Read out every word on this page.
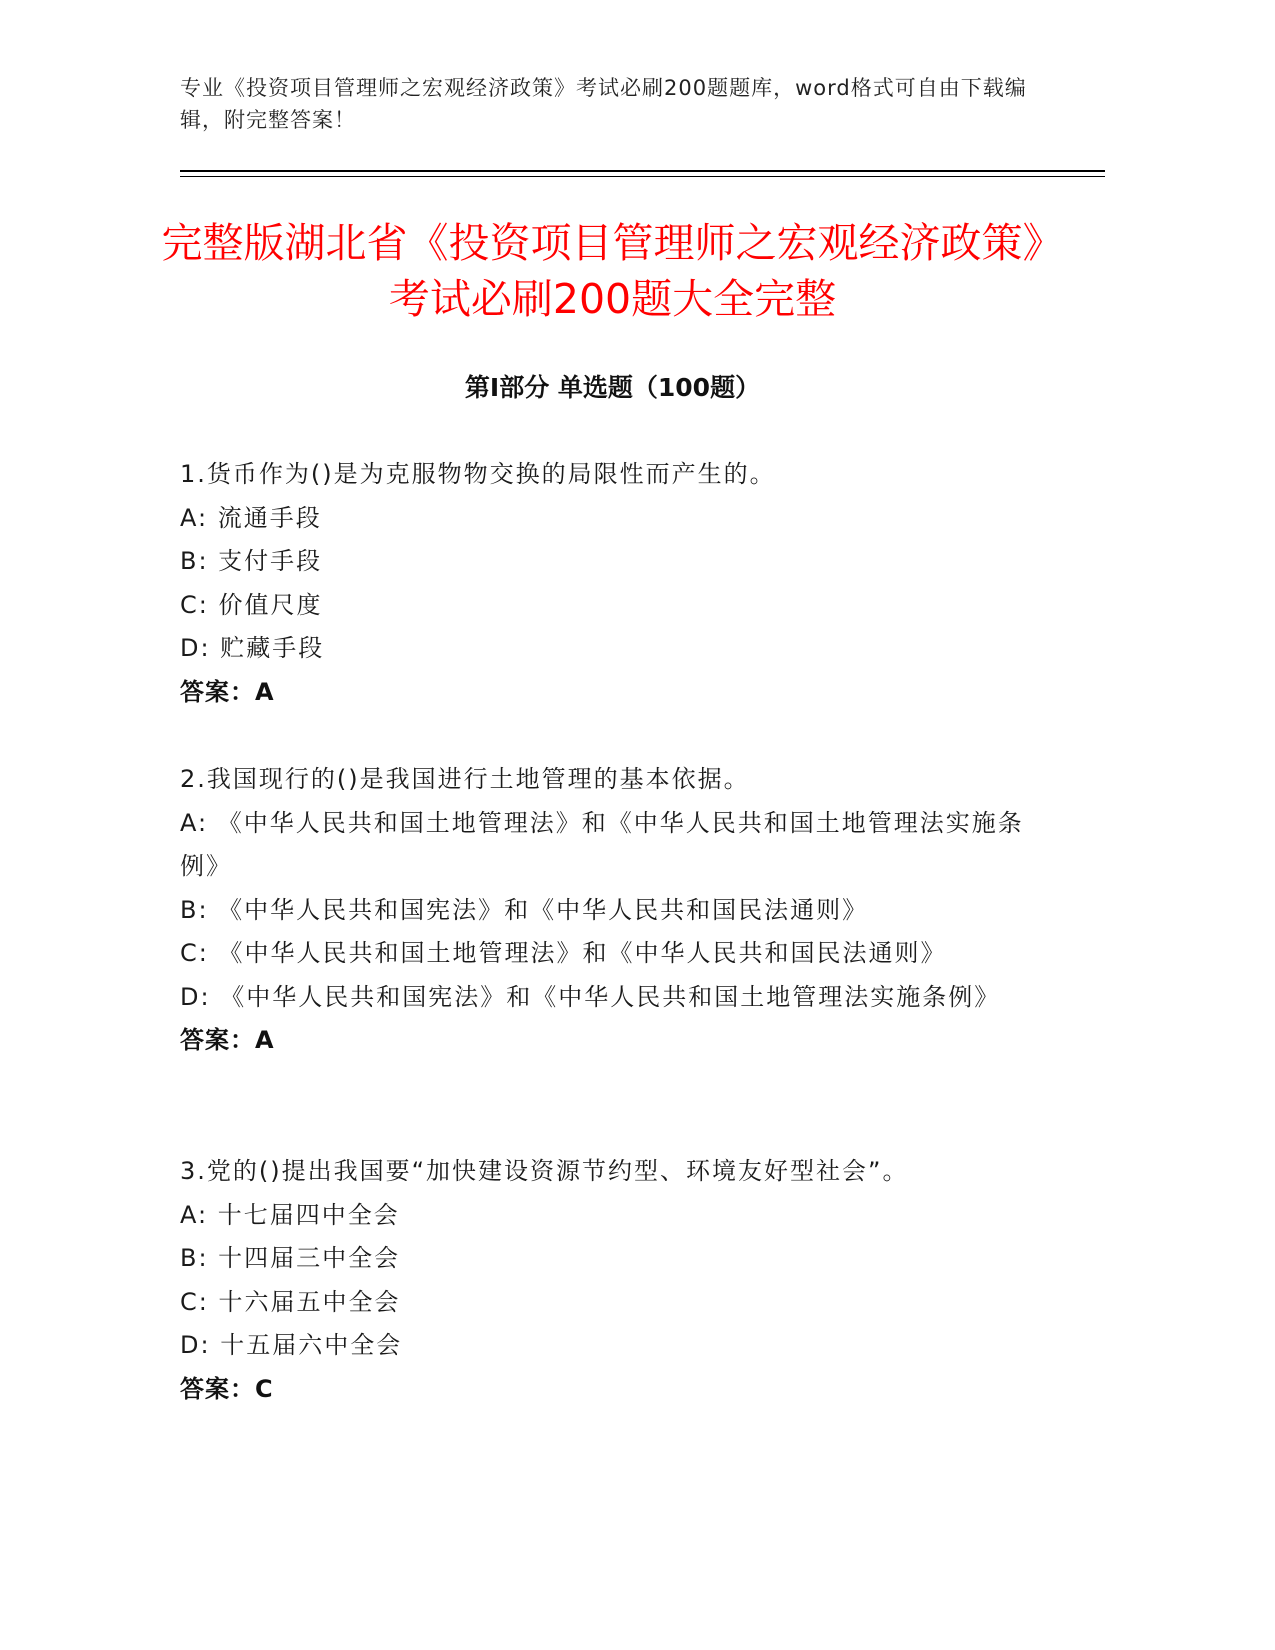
专业《投资项目管理师之宏观经济政策》考试必刷200题题库，word格式可自由下载编辑，附完整答案！
完整版湖北省《投资项目管理师之宏观经济政策》考试必刷200题大全完整
第I部分 单选题（100题）
1.货币作为()是为克服物物交换的局限性而产生的。
A: 流通手段
B: 支付手段
C: 价值尺度
D: 贮藏手段
答案：A
2.我国现行的()是我国进行土地管理的基本依据。
A: 《中华人民共和国土地管理法》和《中华人民共和国土地管理法实施条例》
B: 《中华人民共和国宪法》和《中华人民共和国民法通则》
C: 《中华人民共和国土地管理法》和《中华人民共和国民法通则》
D: 《中华人民共和国宪法》和《中华人民共和国土地管理法实施条例》
答案：A
3.党的()提出我国要“加快建设资源节约型、环境友好型社会”。
A: 十七届四中全会
B: 十四届三中全会
C: 十六届五中全会
D: 十五届六中全会
答案：C
